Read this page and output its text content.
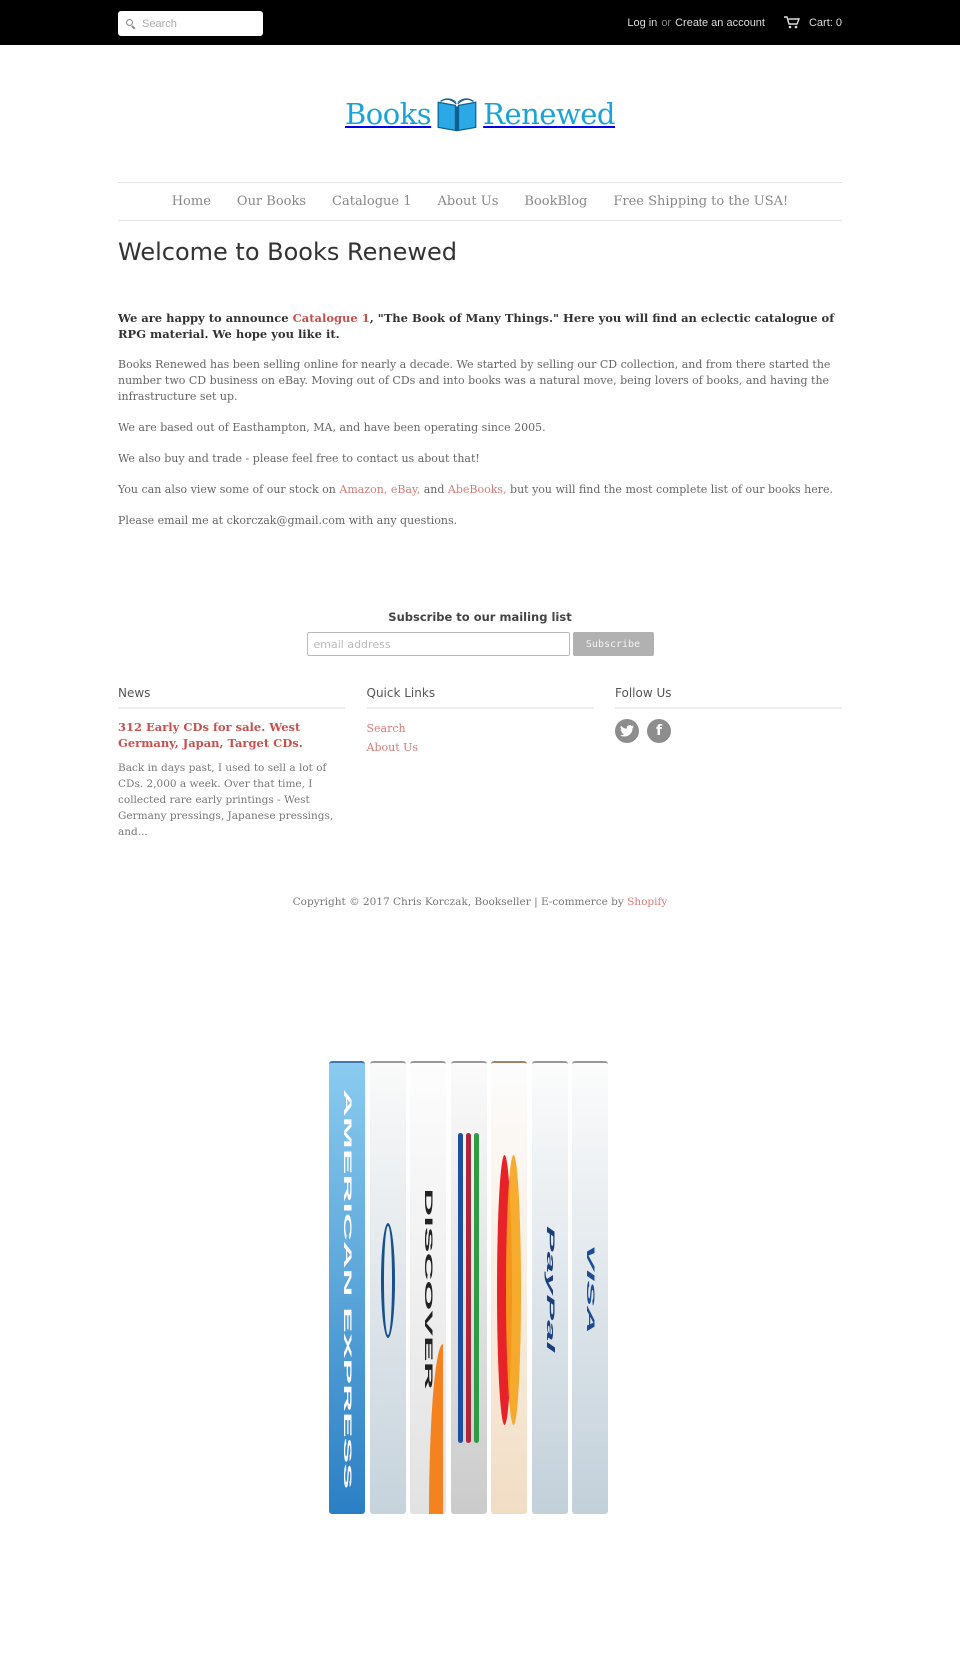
Search
Log in or Create an account	Cart: 0
Books Renewed
Home Our Books Catalogue 1 About Us BookBlog Free Shipping to the USA!
Welcome to Books Renewed

We are happy to announce Catalogue 1, "The Book of Many Things." Here you will find an eclectic catalogue of RPG material. We hope you like it.

Books Renewed has been selling online for nearly a decade. We started by selling our CD collection, and from there started the number two CD business on eBay. Moving out of CDs and into books was a natural move, being lovers of books, and having the infrastructure set up.

We are based out of Easthampton, MA, and have been operating since 2005.

We also buy and trade - please feel free to contact us about that!

You can also view some of our stock on Amazon, eBay, and AbeBooks, but you will find the most complete list of our books here.

Please email me at ckorczak@gmail.com with any questions.

Subscribe to our mailing list
email address
Subscribe
News
312 Early CDs for sale. West Germany, Japan, Target CDs.

Back in days past, I used to sell a lot of CDs. 2,000 a week. Over that time, I collected rare early printings - West Germany pressings, Japanese pressings, and...

Quick Links
Search
About Us
Follow Us
f
Copyright © 2017 Chris Korczak, Bookseller | E-commerce by Shopify
AMERICAN EXPRESS	DISCOVER	PayPal	VISA
